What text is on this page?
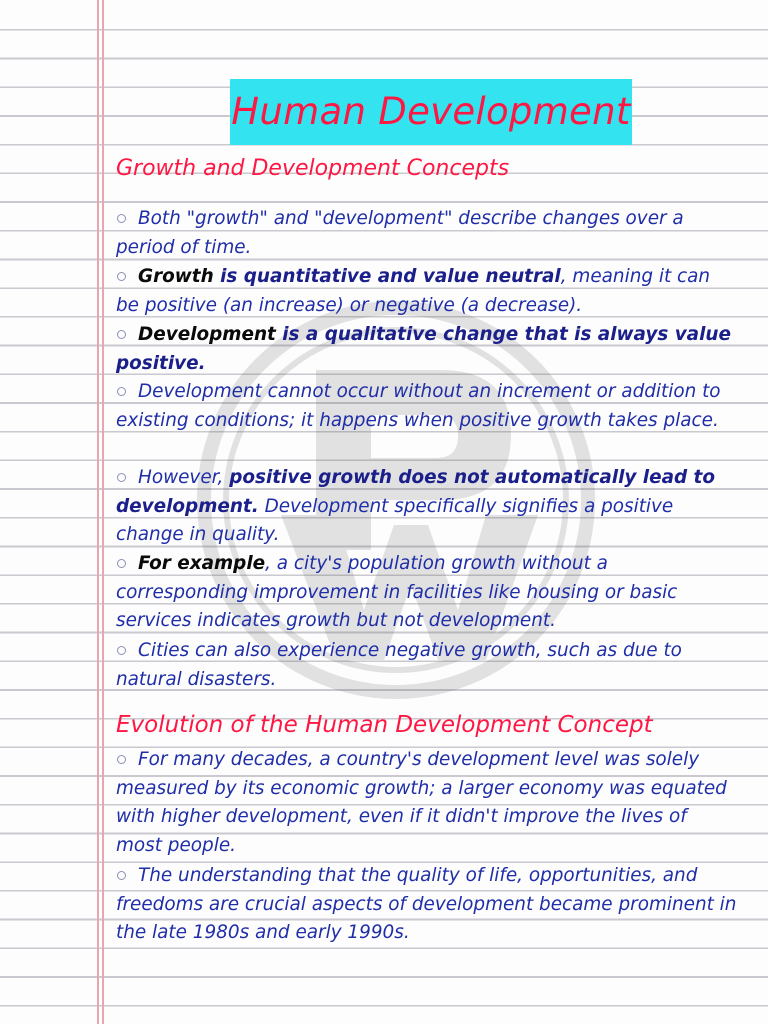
Human Development
Growth and Development Concepts

Both "growth" and "development" describe changes over a period of time.

Growth is quantitative and value neutral, meaning it can be positive (an increase) or negative (a decrease).

Development is a qualitative change that is always value positive.

Development cannot occur without an increment or addition to existing conditions; it happens when positive growth takes place.

However, positive growth does not automatically lead to development. Development specifically signifies a positive change in quality.

For example, a city's population growth without a corresponding improvement in facilities like housing or basic services indicates growth but not development.

Cities can also experience negative growth, such as due to natural disasters.

Evolution of the Human Development Concept

For many decades, a country's development level was solely measured by its economic growth; a larger economy was equated with higher development, even if it didn't improve the lives of most people.

The understanding that the quality of life, opportunities, and freedoms are crucial aspects of development became prominent in the late 1980s and early 1990s.
